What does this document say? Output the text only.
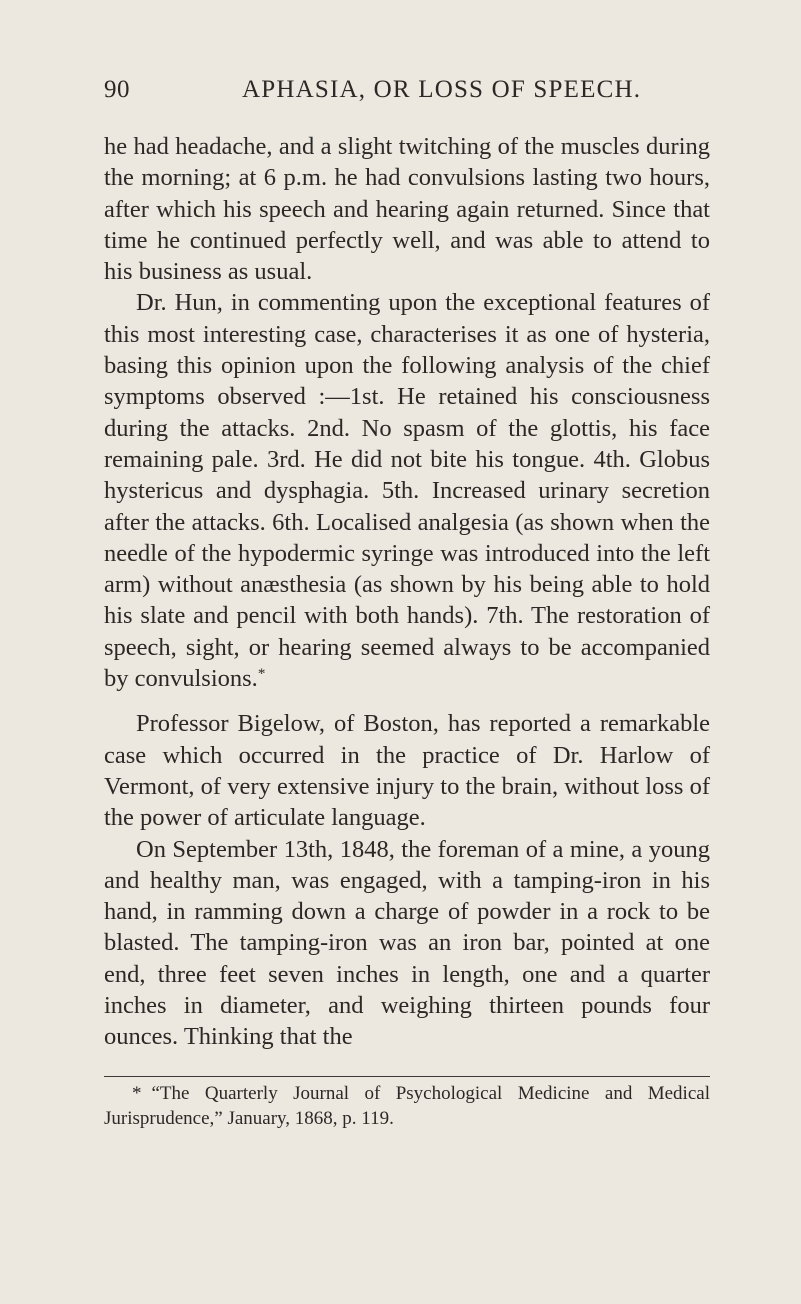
90	APHASIA, OR LOSS OF SPEECH.

he had headache, and a slight twitching of the muscles during the morning; at 6 p.m. he had convulsions lasting two hours, after which his speech and hearing again returned. Since that time he continued perfectly well, and was able to attend to his business as usual.

Dr. Hun, in commenting upon the exceptional features of this most interesting case, characterises it as one of hysteria, basing this opinion upon the following analysis of the chief symptoms observed :—1st. He retained his consciousness during the attacks. 2nd. No spasm of the glottis, his face remaining pale. 3rd. He did not bite his tongue. 4th. Globus hystericus and dysphagia. 5th. Increased urinary secretion after the attacks. 6th. Localised analgesia (as shown when the needle of the hypodermic syringe was introduced into the left arm) without anæsthesia (as shown by his being able to hold his slate and pencil with both hands). 7th. The restoration of speech, sight, or hearing seemed always to be accompanied by convulsions.*

Professor Bigelow, of Boston, has reported a remarkable case which occurred in the practice of Dr. Harlow of Vermont, of very extensive injury to the brain, without loss of the power of articulate language.

On September 13th, 1848, the foreman of a mine, a young and healthy man, was engaged, with a tamping-iron in his hand, in ramming down a charge of powder in a rock to be blasted. The tamping-iron was an iron bar, pointed at one end, three feet seven inches in length, one and a quarter inches in diameter, and weighing thirteen pounds four ounces. Thinking that the

* “The Quarterly Journal of Psychological Medicine and Medical Jurisprudence,” January, 1868, p. 119.
